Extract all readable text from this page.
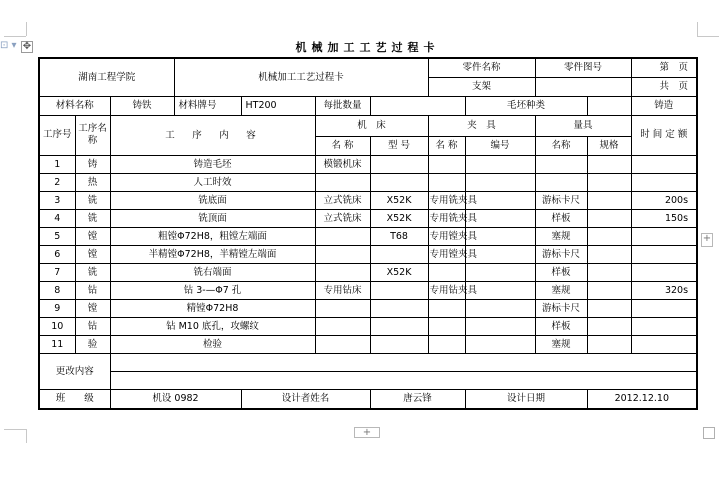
⊡ ▾ ✥
+
+
机械加工工艺过程卡
湖南工程学院			机械加工工艺过程卡				零件名称		零件图号		第　页
							支架				共　页
材料名称		铸铁	材料牌号	HT200	每批数量			毛坯种类			铸造
工序号	工序名称	工　序　内　容			机　床		夹　具		量具		时 间 定 额
					名 称	型 号	名 称	编号	名称	规格	
1	铸	铸造毛坯			模锻机床						
2	热	人工时效									
3	铣	铣底面			立式铣床	X52K	专用铣夹具		游标卡尺		200s
4	铣	铣顶面			立式铣床	X52K	专用铣夹具		样板		150s
5	镗	粗镗Φ72H8，粗镗左端面				T68	专用镗夹具		塞规		
6	镗	半精镗Φ72H8，半精镗左端面					专用镗夹具		游标卡尺		
7	铣	铣右端面				X52K			样板		
8	钻	钻 3-—Φ7 孔			专用钻床		专用钻夹具		塞规		320s
9	镗	精镗Φ72H8							游标卡尺		
10	钻	钻 M10 底孔，攻螺纹							样板		
11	验	检验							塞规		
更改内容											

班　　级		机设 0982		设计者姓名		唐云锋		设计日期		2012.12.10	
